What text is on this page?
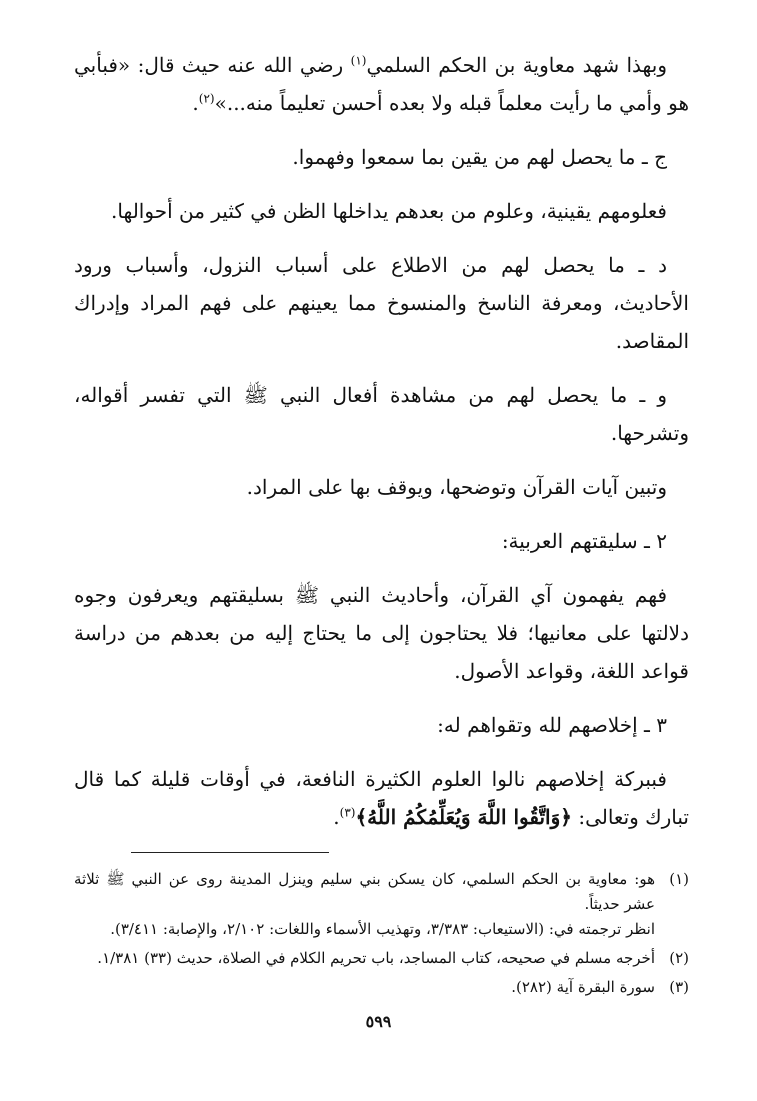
وبهذا شهد معاوية بن الحكم السلمي$^{(١)}$ رضي الله عنه حيث قال: «فبأبي هو وأمي ما رأيت معلماً قبله ولا بعده أحسن تعليماً منه...»$^{(٢)}$.

ج ـ ما يحصل لهم من يقين بما سمعوا وفهموا.

فعلومهم يقينية، وعلوم من بعدهم يداخلها الظن في كثير من أحوالها.

د ـ ما يحصل لهم من الاطلاع على أسباب النزول، وأسباب ورود الأحاديث، ومعرفة الناسخ والمنسوخ مما يعينهم على فهم المراد وإدراك المقاصد.

و ـ ما يحصل لهم من مشاهدة أفعال النبي ﷺ التي تفسر أقواله، وتشرحها.

وتبين آيات القرآن وتوضحها، ويوقف بها على المراد.

٢ ـ سليقتهم العربية:

فهم يفهمون آي القرآن، وأحاديث النبي ﷺ بسليقتهم ويعرفون وجوه دلالتها على معانيها؛ فلا يحتاجون إلى ما يحتاج إليه من بعدهم من دراسة قواعد اللغة، وقواعد الأصول.

٣ ـ إخلاصهم لله وتقواهم له:

فببركة إخلاصهم نالوا العلوم الكثيرة النافعة، في أوقات قليلة كما قال تبارك وتعالى: ﴿وَاتَّقُوا اللَّهَ وَيُعَلِّمُكُمُ اللَّهُ﴾$^{(٣)}$.

(١)
هو: معاوية بن الحكم السلمي، كان يسكن بني سليم وينزل المدينة روى عن النبي ﷺ ثلاثة عشر حديثاً.
انظر ترجمته في: (الاستيعاب: ٣/٣٨٣، وتهذيب الأسماء واللغات: ٢/١٠٢، والإصابة: ٣/٤١١).
(٢)
أخرجه مسلم في صحيحه، كتاب المساجد، باب تحريم الكلام في الصلاة، حديث (٣٣) ١/٣٨١.
(٣)
سورة البقرة آية (٢٨٢).
٥٩٩
